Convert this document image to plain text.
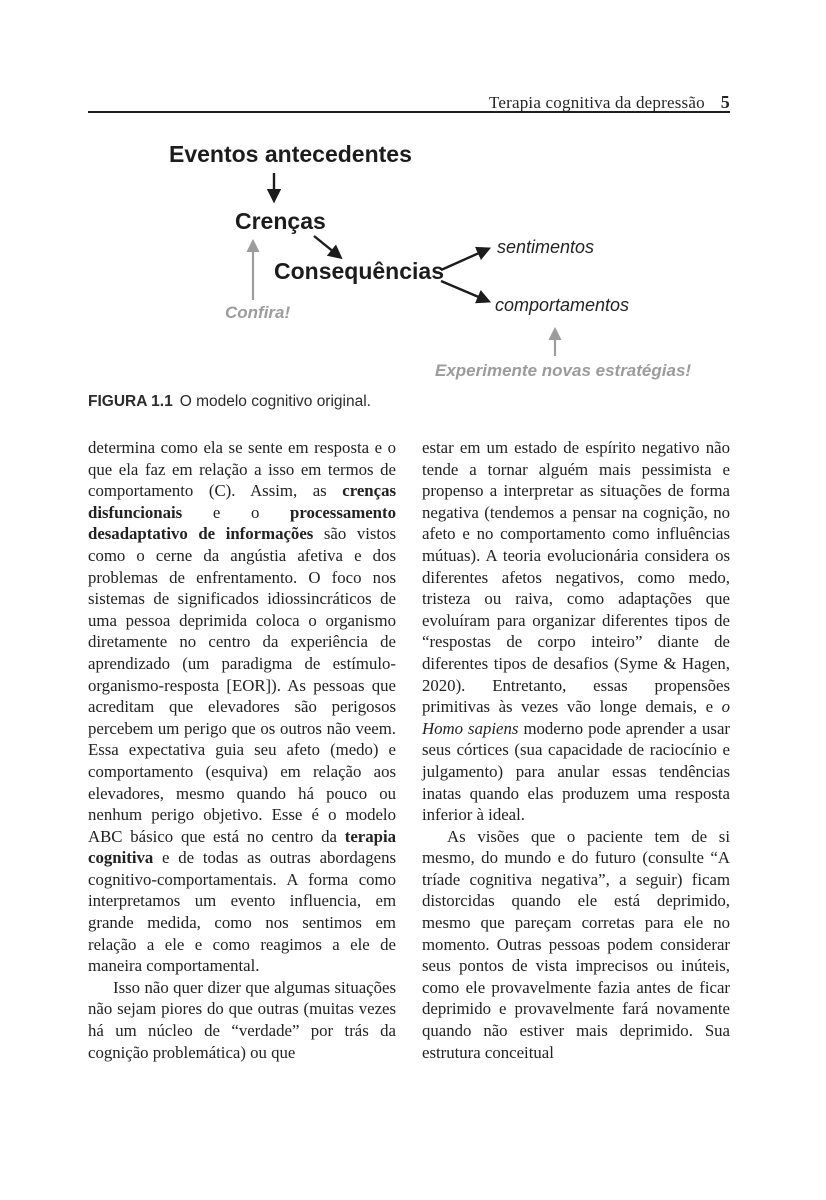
Terapia cognitiva da depressão 5
Eventos antecedentes
Crenças
Consequências
sentimentos
comportamentos
Confira!
Experimente novas estratégias!
FIGURA 1.1 O modelo cognitivo original.

determina como ela se sente em resposta e o que ela faz em relação a isso em termos de comportamento (C). Assim, as crenças disfuncionais e o processamento desadaptativo de informações são vistos como o cerne da angústia afetiva e dos problemas de enfrentamento. O foco nos sistemas de significados idiossincráticos de uma pessoa deprimida coloca o organismo diretamente no centro da experiência de aprendizado (um paradigma de estímulo-organismo-resposta [EOR]). As pessoas que acreditam que elevadores são perigosos percebem um perigo que os outros não veem. Essa expectativa guia seu afeto (medo) e comportamento (esquiva) em relação aos elevadores, mesmo quando há pouco ou nenhum perigo objetivo. Esse é o modelo ABC básico que está no centro da terapia cognitiva e de todas as outras abordagens cognitivo-comportamentais. A forma como interpretamos um evento influencia, em grande medida, como nos sentimos em relação a ele e como reagimos a ele de maneira comportamental.

Isso não quer dizer que algumas situações não sejam piores do que outras (muitas vezes há um núcleo de “verdade” por trás da cognição problemática) ou que

estar em um estado de espírito negativo não tende a tornar alguém mais pessimista e propenso a interpretar as situações de forma negativa (tendemos a pensar na cognição, no afeto e no comportamento como influências mútuas). A teoria evolucionária considera os diferentes afetos negativos, como medo, tristeza ou raiva, como adaptações que evoluíram para organizar diferentes tipos de “respostas de corpo inteiro” diante de diferentes tipos de desafios (Syme & Hagen, 2020). Entretanto, essas propensões primitivas às vezes vão longe demais, e o Homo sapiens moderno pode aprender a usar seus córtices (sua capacidade de raciocínio e julgamento) para anular essas tendências inatas quando elas produzem uma resposta inferior à ideal.

As visões que o paciente tem de si mesmo, do mundo e do futuro (consulte “A tríade cognitiva negativa”, a seguir) ficam distorcidas quando ele está deprimido, mesmo que pareçam corretas para ele no momento. Outras pessoas podem considerar seus pontos de vista imprecisos ou inúteis, como ele provavelmente fazia antes de ficar deprimido e provavelmente fará novamente quando não estiver mais deprimido. Sua estrutura conceitual
